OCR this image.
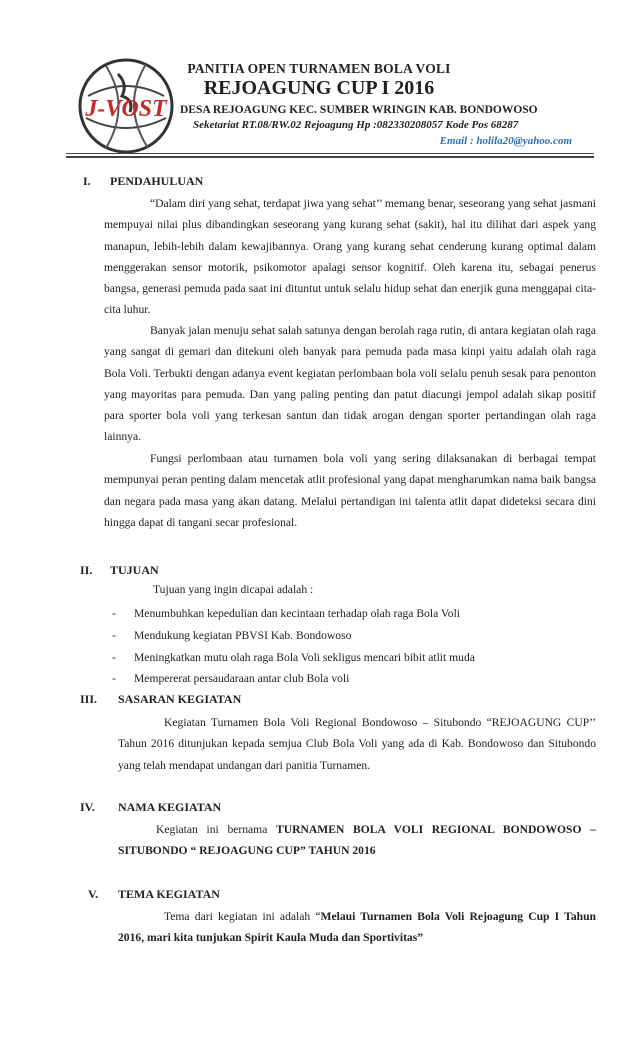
J-VOST
PANITIA OPEN TURNAMEN BOLA VOLI
REJOAGUNG CUP I 2016
DESA REJOAGUNG KEC. SUMBER WRINGIN KAB. BONDOWOSO
Seketariat RT.08/RW.02 Rejoagung Hp :082330208057 Kode Pos 68287
Email : holila20@yahoo.com
I. PENDAHULUAN

“Dalam diri yang sehat, terdapat jiwa yang sehat’’ memang benar, seseorang yang sehat jasmani mempuyai nilai plus dibandingkan seseorang yang kurang sehat (sakit), hal itu dilihat dari aspek yang manapun, lebih-lebih dalam kewajibannya. Orang yang kurang sehat cenderung kurang optimal dalam menggerakan sensor motorik, psikomotor apalagi sensor kognitif. Oleh karena itu, sebagai penerus bangsa, generasi pemuda pada saat ini dituntut untuk selalu hidup sehat dan enerjik guna menggapai cita-cita luhur.

Banyak jalan menuju sehat salah satunya dengan berolah raga rutin, di antara kegiatan olah raga yang sangat di gemari dan ditekuni oleh banyak para pemuda pada masa kinpi yaitu adalah olah raga Bola Voli. Terbukti dengan adanya event kegiatan perlombaan bola voli selalu penuh sesak para penonton yang mayoritas para pemuda. Dan yang paling penting dan patut diacungi jempol adalah sikap positif para sporter bola voli yang terkesan santun dan tidak arogan dengan sporter pertandingan olah raga lainnya.

Fungsi perlombaan atau turnamen bola voli yang sering dilaksanakan di berbagai tempat mempunyai peran penting dalam mencetak atlit profesional yang dapat mengharumkan nama baik bangsa dan negara pada masa yang akan datang. Melalui pertandigan ini talenta atlit dapat dideteksi secara dini hingga dapat di tangani secar profesional.

II. TUJUAN
Tujuan yang ingin dicapai adalah :
- Menumbuhkan kepedulian dan kecintaan terhadap olah raga Bola Voli
- Mendukung kegiatan PBVSI Kab. Bondowoso
- Meningkatkan mutu olah raga Bola Voli sekligus mencari bibit atlit muda
- Mempererat persaudaraan antar club Bola voli
III. SASARAN KEGIATAN

Kegiatan Turnamen Bola Voli Regional Bondowoso – Situbondo “REJOAGUNG CUP’’ Tahun 2016 ditunjukan kepada semjua Club Bola Voli yang ada di Kab. Bondowoso dan Situbondo yang telah mendapat undangan dari panitia Turnamen.

IV. NAMA KEGIATAN

Kegiatan ini bernama TURNAMEN BOLA VOLI REGIONAL BONDOWOSO – SITUBONDO “ REJOAGUNG CUP” TAHUN 2016

V. TEMA KEGIATAN

Tema dari kegiatan ini adalah “Melaui Turnamen Bola Voli Rejoagung Cup I Tahun 2016, mari kita tunjukan Spirit Kaula Muda dan Sportivitas”
